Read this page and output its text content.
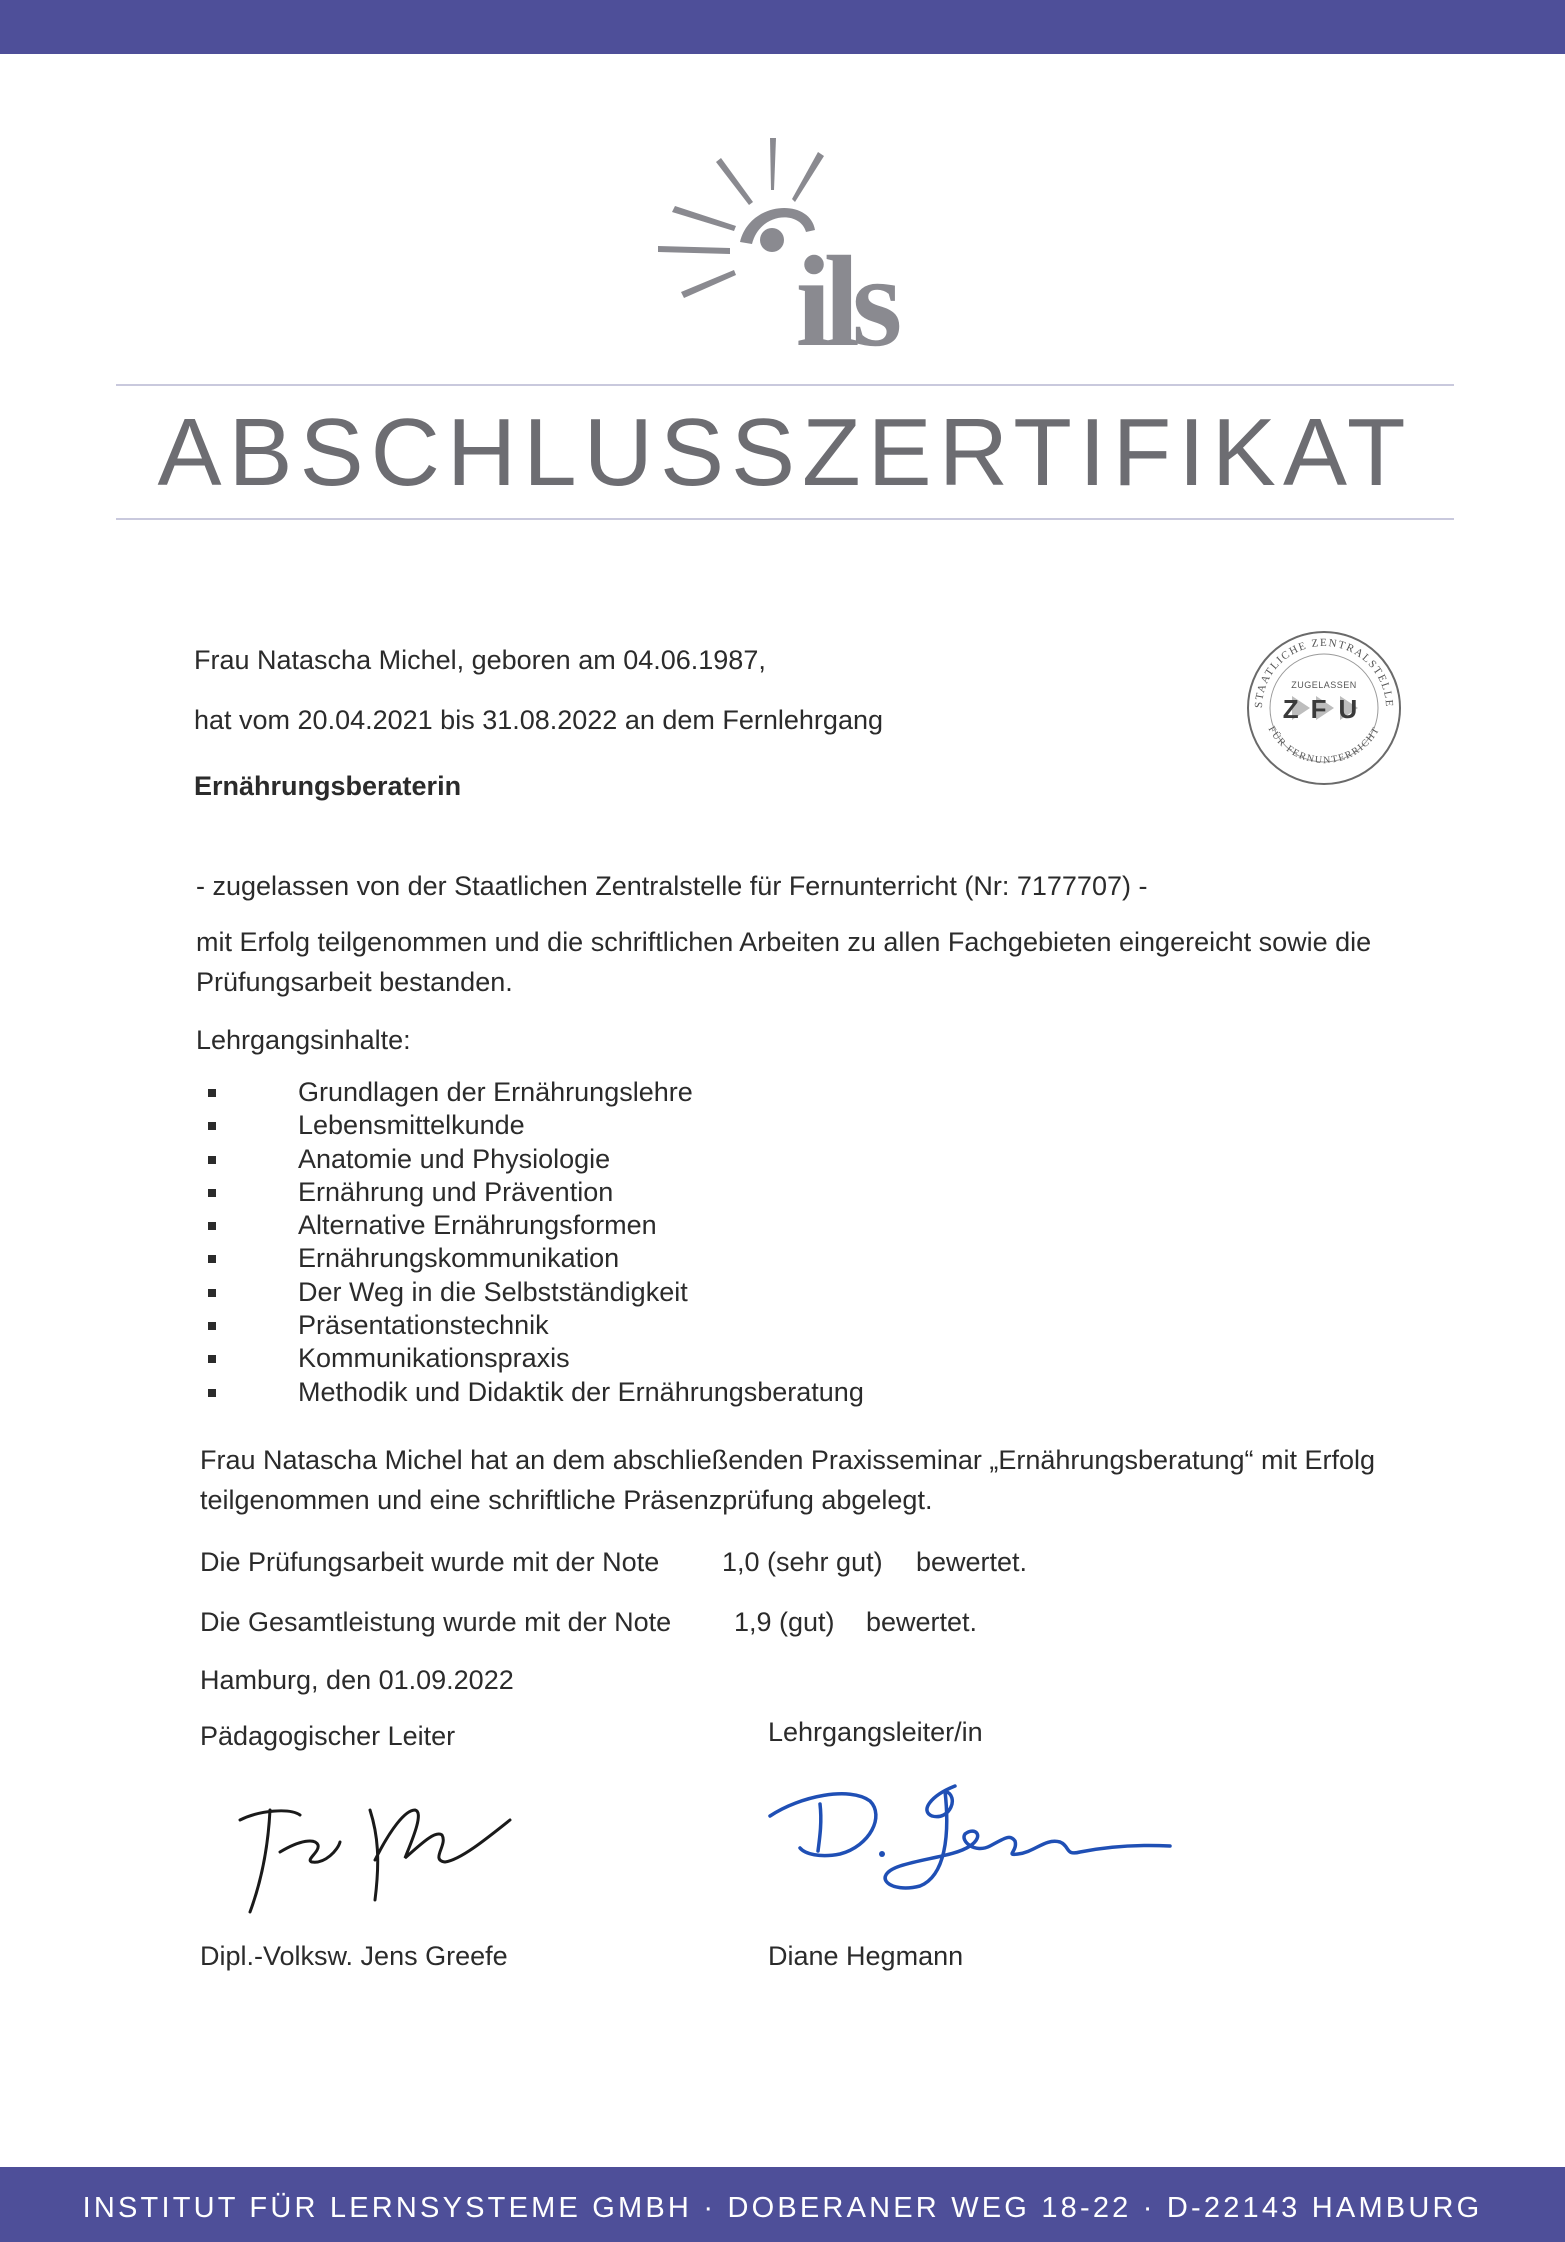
ils
ABSCHLUSSZERTIFIKAT
STAATLICHE ZENTRALSTELLE
FÜR FERNUNTERRICHT
ZUGELASSEN
ZFU
Frau Natascha Michel, geboren am 04.06.1987,
hat vom 20.04.2021 bis 31.08.2022 an dem Fernlehrgang
Ernährungsberaterin
- zugelassen von der Staatlichen Zentralstelle für Fernunterricht (Nr: 7177707) -
mit Erfolg teilgenommen und die schriftlichen Arbeiten zu allen Fachgebieten eingereicht sowie die Prüfungsarbeit bestanden.
Lehrgangsinhalte:
Grundlagen der Ernährungslehre
Lebensmittelkunde
Anatomie und Physiologie
Ernährung und Prävention
Alternative Ernährungsformen
Ernährungskommunikation
Der Weg in die Selbstständigkeit
Präsentationstechnik
Kommunikationspraxis
Methodik und Didaktik der Ernährungsberatung
Frau Natascha Michel hat an dem abschließenden Praxisseminar „Ernährungsberatung“ mit Erfolg teilgenommen und eine schriftliche Präsenzprüfung abgelegt.
Die Prüfungsarbeit wurde mit der Note 1,0 (sehr gut) bewertet.
Die Gesamtleistung wurde mit der Note 1,9 (gut) bewertet.
Hamburg, den 01.09.2022
Pädagogischer Leiter	Lehrgangsleiter/in
Dipl.-Volksw. Jens Greefe	Diane Hegmann
INSTITUT FÜR LERNSYSTEME GMBH · DOBERANER WEG 18-22 · D-22143 HAMBURG
